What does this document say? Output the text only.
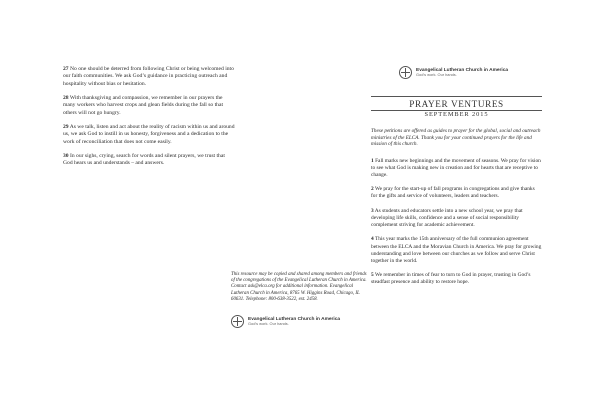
27 No one should be deterred from following Christ or being welcomed into our faith communities. We ask God’s guidance in practicing outreach and hospitality without bias or hesitation.

28 With thanksgiving and compassion, we remember in our prayers the many workers who harvest crops and glean fields during the fall so that others will not go hungry.

29 As we talk, listen and act about the reality of racism within us and around us, we ask God to instill in us honesty, forgiveness and a dedication to the work of reconciliation that does not come easily.

30 In our sighs, crying, search for words and silent prayers, we trust that God hears us and understands – and answers.

This resource may be copied and shared among members and friends of the congregations of the Evangelical Lutheran Church in America. Contact ask@elca.org for additional information. Evangelical Lutheran Church in America, 8765 W. Higgins Road, Chicago, IL 60631. Telephone: 800-638-3522, ext. 2458.

Evangelical Lutheran Church in America
God’s work. Our hands.
Evangelical Lutheran Church in America
God’s work. Our hands.
PRAYER VENTURES
SEPTEMBER 2015

These petitions are offered as guides to prayer for the global, social and outreach ministries of the ELCA. Thank you for your continued prayers for the life and mission of this church.

1 Fall marks new beginnings and the movement of seasons. We pray for vision to see what God is making new in creation and for hearts that are receptive to change.

2 We pray for the start-up of fall programs in congregations and give thanks for the gifts and service of volunteers, leaders and teachers.

3 As students and educators settle into a new school year, we pray that developing life skills, confidence and a sense of social responsibility complement striving for academic achievement.

4 This year marks the 15th anniversary of the full communion agreement between the ELCA and the Moravian Church in America. We pray for growing understanding and love between our churches as we follow and serve Christ together in the world.

5 We remember in times of fear to turn to God in prayer, trusting in God’s steadfast presence and ability to restore hope.
